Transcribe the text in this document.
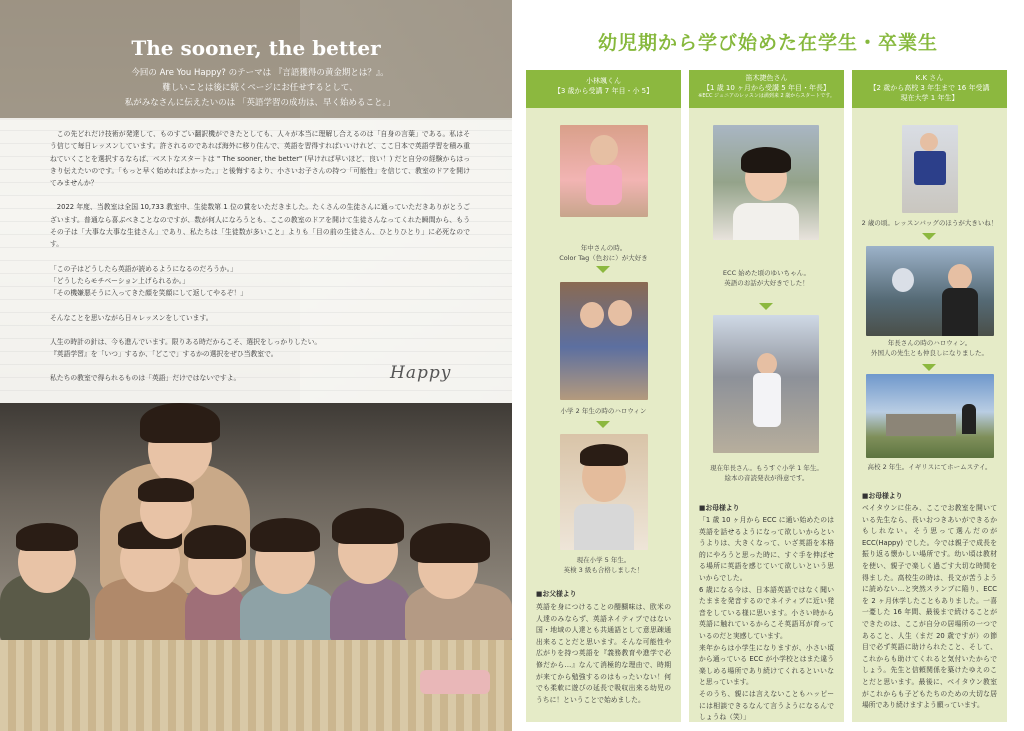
The sooner, the better
今回の Are You Happy? のテーマは 『言語獲得の黄金期とは？』。
難しいことは後に続くページにお任せするとして、
私がみなさんに伝えたいのは 「英語学習の成功は、早く始めること。」

この先どれだけ技術が発達して、ものすごい翻訳機ができたとしても、人々が本当に理解し合えるのは「自身の言葉」である。私はそう信じて毎日レッスンしています。許されるのであれば海外に移り住んで、英語を習得すればいいけれど、ここ日本で英語学習を積み重ねていくことを選択するならば、ベストなスタートは " The sooner, the better" (早ければ早いほど、良い！) だと自分の経験からはっきり伝えたいのです。「もっと早く始めればよかった。」と後悔するより、小さいお子さんの持つ「可能性」を信じて、教室のドアを開けてみませんか？

2022 年度、当教室は全国 10,733 教室中、生徒数第 1 位の賞をいただきました。たくさんの生徒さんに通っていただきありがとうございます。普通なら喜ぶべきことなのですが、数が何人になろうとも、ここの教室のドアを開けて生徒さんなってくれた瞬間から、もうその子は「大事な大事な生徒さん」であり、私たちは「生徒数が多いこと」よりも「目の前の生徒さん、ひとりひとり」に必死なのです。

「この子はどうしたら英語が読めるようになるのだろうか。」
「どうしたらモチベーション上げられるか。」
「その機嫌悪そうに入ってきた顔を笑顔にして返してやるぞ！」
そんなことを思いながら日々レッスンをしています。
人生の時計の針は、今も進んでいます。限りある時だからこそ、選択をしっかりしたい。
『英語学習』を「いつ」するか、「どこで」するかの選択をぜひ当教室で。
私たちの教室で得られるものは「英語」だけではないですよ。	Happy
幼児期から学び始めた在学生・卒業生
小林颯くん
【3 歳から受講 7 年目・小 5】
年中さんの時。
Color Tag（色おに）が大好き
小学 2 年生の時のハロウィン
現在小学 5 年生。
英検 3 級も合格しました！
■お父様より
英語を身につけることの醍醐味は、欧米の人達のみならず、英語ネイティブではない国・地域の人達とも共通語として意思疎通出来ることだと思います。そんな可能性や広がりを持つ英語を『義務教育や進学で必修だから…』なんて消極的な理由で、時期が来てから勉強するのはもったいない！何でも柔軟に遊びの延長で吸収出来る幼児のうちに！ということで始めました。
笛木捷色さん
【1 歳 10 ヶ月から受講 5 年目・年長】
※ECC ジュニアのレッスンは満到来 2 歳からスタートです。
ECC 始めた頃のゆいちゃん。
英語のお話が大好きでした！
現在年長さん。もうすぐ小学 1 年生。
絵本の音読発表が得意です。
■お母様より
「1 歳 10 ヶ月から ECC に通い始めたのは英語を話せるようになって欲しいからというよりは、大きくなって、いざ英語を本格的にやろうと思った時に、すぐ手を伸ばせる場所に英語を感じていて欲しいという思いからでした。
6 歳になる今は、日本語英語ではなく聞いたままを発音するのでネイティブに近い発音をしている様に思います。小さい時から英語に触れているからこそ英語耳が育っているのだと実感しています。
来年からは小学生になりますが、小さい頃から通っている ECC が小学校とはまた違う楽しめる場所であり続けてくれるといいなと思っています。
そのうち、親には言えないこともハッピーには相談できるなんて言うようになるんでしょうね（笑）」
K.K さん
【2 歳から高校 3 年生まで 16 年受講
現在大学 1 年生】
2 歳の頃。レッスンバッグのほうが大きいね！
年長さんの時のハロウィン。
外国人の先生とも仲良しになりました。
高校 2 年生。イギリスにてホームステイ。
■お母様より
ベイタウンに住み、ここでお教室を開いている先生なら、長いおつきあいができるかもしれない。そう思って選んだのが ECC(Happy) でした。今では親子で成長を振り返る懐かしい場所です。幼い頃は教材を使い、親子で楽しく過ごす大切な時間を得ました。高校生の時は、長文が苦うように読めない…と突然スランプに陥り、ECC を 2 ヶ月休学したこともありました。一喜一憂した 16 年間、最後まで続けることができたのは、ここが自分の居場所の一つであること、人生（まだ 20 歳ですが）の節目で必ず英語に助けられたこと、そして、これからも助けてくれると気付いたからでしょう。先生と信頼関係を築けたゆえのことだと思います。最後に、ベイタウン教室がこれからも子どもたちのための大切な居場所であり続けますよう願っています。
